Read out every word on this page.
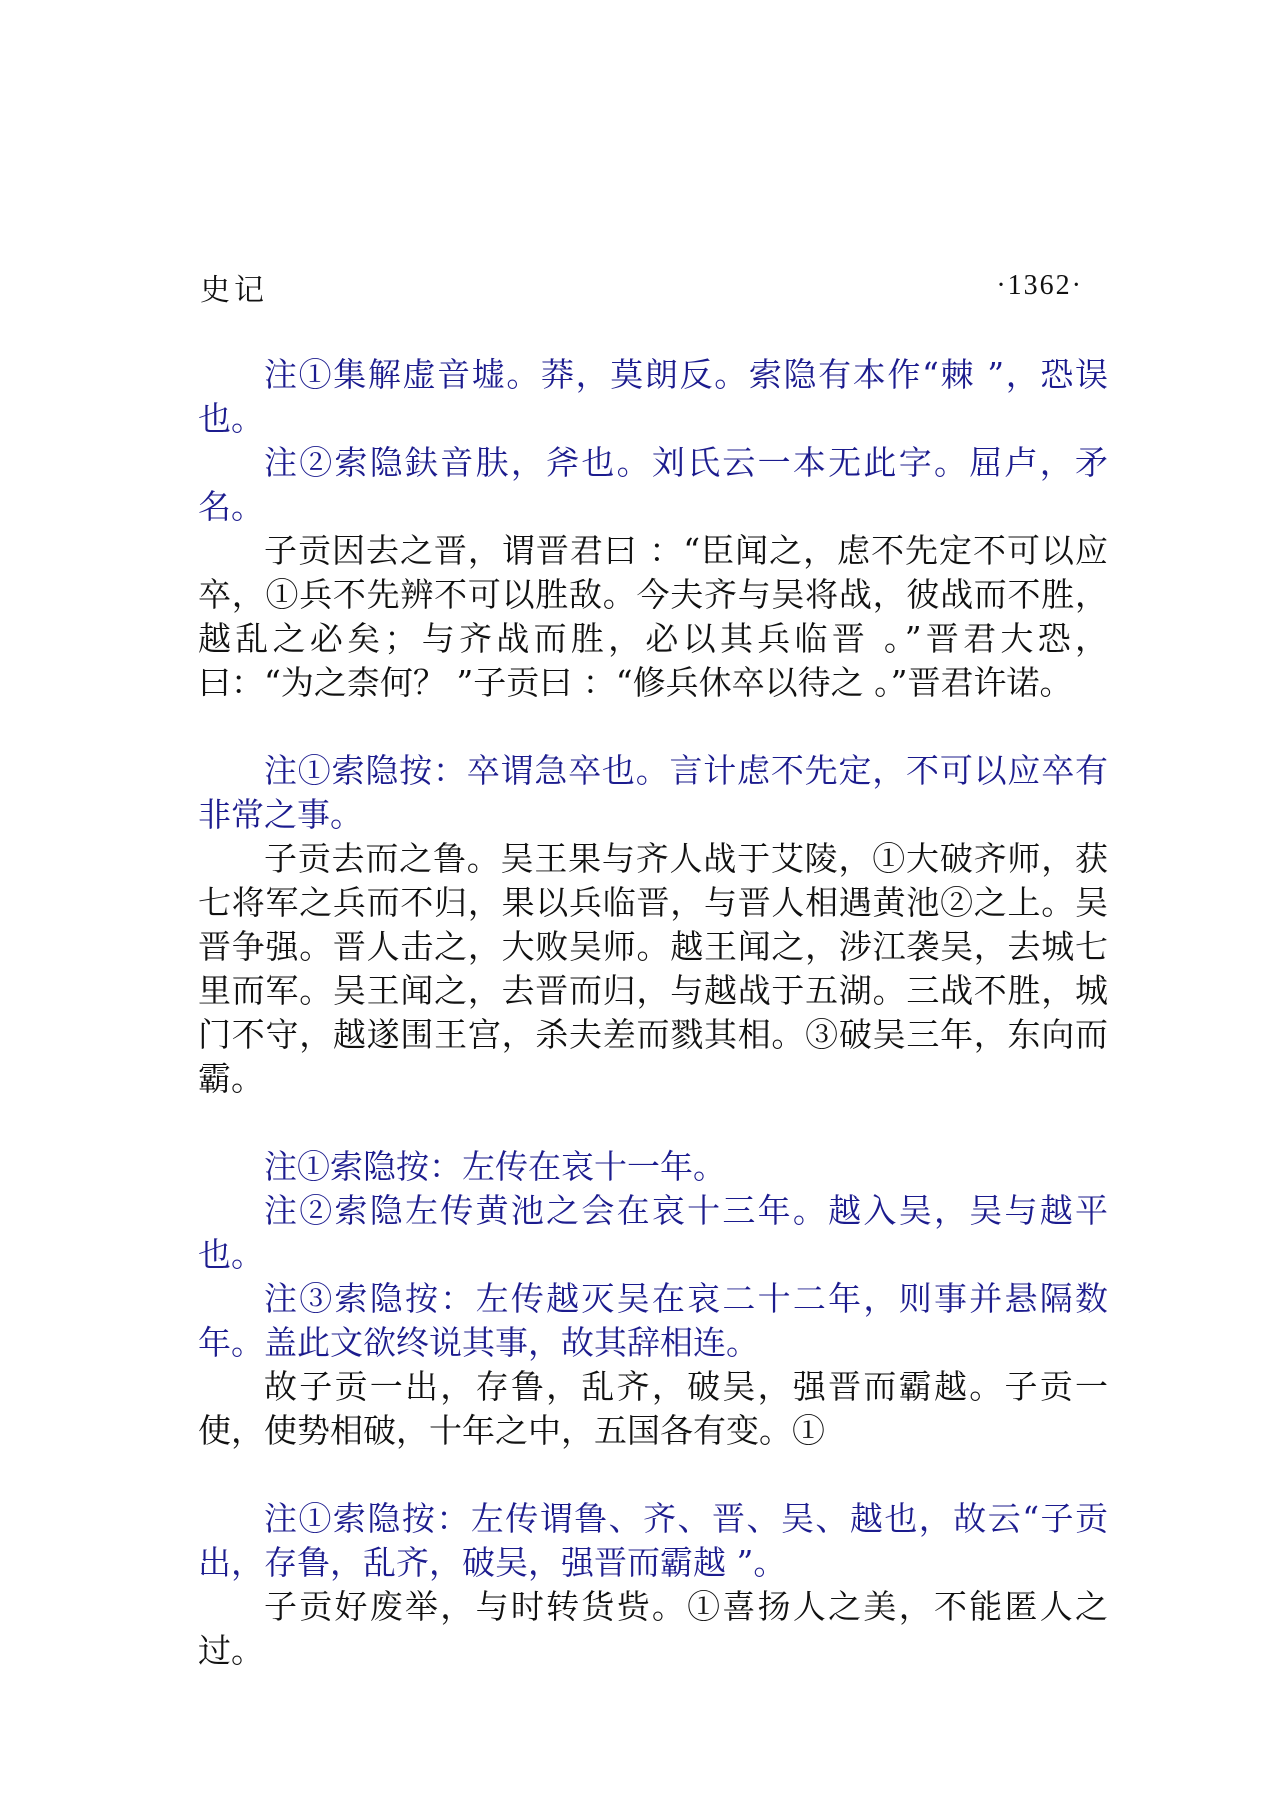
史记	·1362·

注①集解虚音墟。莽，莫朗反。索隐有本作“棘 ”，恐误也。

注②索隐鈇音肤，斧也。刘氏云一本无此字。屈卢，矛名。

子贡因去之晋，谓晋君曰 ：“臣闻之，虑不先定不可以应卒，①兵不先辨不可以胜敌。今夫齐与吴将战，彼战而不胜，越乱之必矣；与齐战而胜，必以其兵临晋 。”晋君大恐，曰：“为之柰何？ ”子贡曰 ：“修兵休卒以待之 。”晋君许诺。

注①索隐按：卒谓急卒也。言计虑不先定，不可以应卒有非常之事。

子贡去而之鲁。吴王果与齐人战于艾陵，①大破齐师，获七将军之兵而不归，果以兵临晋，与晋人相遇黄池②之上。吴晋争强。晋人击之，大败吴师。越王闻之，涉江袭吴，去城七里而军。吴王闻之，去晋而归，与越战于五湖。三战不胜，城门不守，越遂围王宫，杀夫差而戮其相。③破吴三年，东向而霸。

注①索隐按：左传在哀十一年。

注②索隐左传黄池之会在哀十三年。越入吴，吴与越平也。

注③索隐按：左传越灭吴在哀二十二年，则事并悬隔数年。盖此文欲终说其事，故其辞相连。

故子贡一出，存鲁，乱齐，破吴，强晋而霸越。子贡一使，使势相破，十年之中，五国各有变。①

注①索隐按：左传谓鲁、齐、晋、吴、越也，故云“子贡出，存鲁，乱齐，破吴，强晋而霸越 ”。

子贡好废举，与时转货赀。①喜扬人之美，不能匿人之过。
